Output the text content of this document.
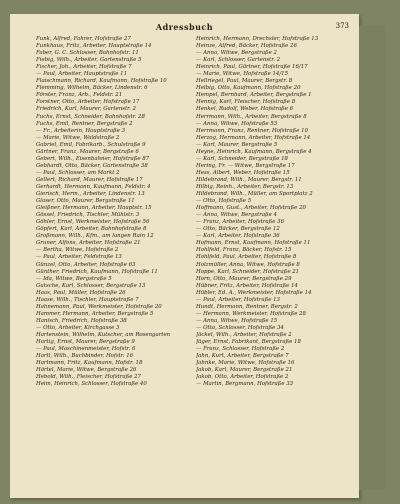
Adressbuch	373
Funk, Alfred, Fahrer, Hofstraße 27
Funkhaus, Fritz, Arbeiter, Hauptstraße 14
Faber, G. C. Schlosser, Bahnhofstr. 11
Fiebig, Wilh., Arbeiter, Gartenstraße 5
Fischer, Joh., Arbeiter, Hofstraße 7
— Paul, Arbeiter, Hauptstraße 11
Flaischmann, Richard, Kaufmann, Hofstraße 10
Flemming, Wilhelm, Bäcker, Lindenstr. 6
Förster, Franz, Arb., Feldstr. 21
Forstner, Otto, Arbeiter, Hofstraße 17
Friedrich, Karl, Maurer, Gartenstr. 2
Fuchs, Ernst, Schneider, Bahnhofstr. 28
Fuchs, Emil, Rentner, Bergstraße 2
— Fr., Arbeiterin, Hauptstraße 3
— Marie, Witwe, Waldstraße 2
Gabriel, Emil, Fabrikarb., Schulstraße 9
Gärtner, Franz, Maurer, Bergstraße 6
Gebert, Wilh., Eisenbahner, Hofstraße 87
Gebhardt, Otto, Bäcker, Gartenstraße 38
— Paul, Schlosser, am Markt 2
Gellert, Richard, Maurer, Hofstraße 17
Gerhardt, Hermann, Kaufmann, Feldstr. 4
Gierisch, Herm., Arbeiter, Lindenstr. 13
Glaser, Otto, Maurer, Bergstraße 11
Gleißner, Hermann, Arbeiter, Hauptstr. 15
Gössel, Friedrich, Tischler, Mühlstr. 3
Göhler, Ernst, Werkmeister, Hofstraße 56
Göpfert, Karl, Arbeiter, Bahnhofstraße 8
Großmann, Wilh., Kfm., am langen Rain 12
Gruner, Alfons, Arbeiter, Hofstraße 21
— Bertha, Witwe, Hofstraße 2
— Paul, Arbeiter, Feldstraße 13
Günzel, Otto, Arbeiter, Hofstraße 63
Günther, Friedrich, Kaufmann, Hofstraße 11
— Ida, Witwe, Bergstraße 5
Gutsche, Karl, Schlosser, Bergstraße 13
Haas, Paul, Müller, Hofstraße 26
Haase, Wilh., Tischler, Hauptstraße 7
Hahnemann, Paul, Werkmeister, Hofstraße 20
Hammer, Hermann, Arbeiter, Bergstraße 5
Hanisch, Friedrich, Hofstraße 38
— Otto, Arbeiter, Kirchgasse 3
Hartenstein, Wilhelm, Kutscher, am Rosengarten
Hartig, Ernst, Maurer, Bergstraße 9
— Paul, Maschinenmeister, Hofstr. 6
Hartl, Wilh., Buchbinder, Hofstr. 16
Hartmann, Fritz, Kaufmann, Hofstr. 18
Härtel, Marie, Witwe, Bergstraße 26
Hebold, Wilh., Fleischer, Hofstraße 27
Heim, Heinrich, Schlosser, Hofstraße 40
Heinrich, Hermann, Drechsler, Hofstraße 13
Heinze, Alfred, Bäcker, Hofstraße 26
— Anna, Witwe, Bergstraße 2
— Karl, Schlosser, Gartenstr. 2
Heinrich, Paul, Gärtner, Hofstraße 16/17
— Marie, Witwe, Hofstraße 14/15
Hellriegel, Paul, Maurer, Bergstr. 8
Helbig, Otto, Kaufmann, Hofstraße 20
Hempel, Bernhard, Arbeiter, Bergstraße 1
Hennig, Karl, Fleischer, Hofstraße 8
Henkel, Rudolf, Weber, Hofstraße 6
Herrmann, Wilh., Arbeiter, Bergstraße 8
— Anna, Witwe, Hofstraße 53
Herrmann, Franz, Rentner, Hofstraße 10
Herzog, Hermann, Arbeiter, Hofstraße 14
— Karl, Maurer, Bergstraße 5
Heyne, Heinrich, Kaufmann, Bergstraße 4
— Karl, Schneider, Bergstraße 18
Hering, Fr. — Witwe, Bergstraße 17
Hess, Albert, Weber, Hofstraße 15
Hildebrand, Wilh., Maurer, Bergstr. 11
Hilbig, Reinh., Arbeiter, Bergstr. 13
Hildebrand, Wilh., Müller, am Sportplatz 2
— Otto, Hofstraße 5
Hoffmann, Gust., Arbeiter, Hofstraße 20
— Anna, Witwe, Bergstraße 4
— Franz, Arbeiter, Hofstraße 36
— Otto, Bäcker, Bergstraße 12
— Karl, Arbeiter, Hofstraße 36
Hofmann, Ernst, Kaufmann, Hofstraße 11
Hohlfeld, Franz, Bäcker, Hofstr. 15
Hohlfeld, Paul, Arbeiter, Hofstraße 8
Holzmüller, Anna, Witwe, Hofstraße 8
Hoppe, Karl, Schneider, Hofstraße 21
Horn, Otto, Maurer, Bergstraße 29
Hübner, Fritz, Arbeiter, Hofstraße 14
Hübler, Ed. A., Werkmeister, Hofstraße 14
— Paul, Arbeiter, Hofstraße 13
Hundt, Hermann, Rentner, Bergstr. 2
— Hermann, Werkmeister, Hofstraße 28
— Anna, Witwe, Hofstraße 15
— Otto, Schlosser, Hofstraße 34
Jäckel, Wilh., Arbeiter, Hofstraße 2
Jäger, Ernst, Fabrikant, Bergstraße 18
— Franz, Schlosser, Hofstraße 2
Jahn, Kurt, Arbeiter, Bergstraße 7
Jahnke, Marie, Witwe, Hofstraße 16
Jakob, Karl, Maurer, Bergstraße 21
Jakob, Otto, Arbeiter, Hofstraße 2
— Martin, Bergmann, Hofstraße 33
